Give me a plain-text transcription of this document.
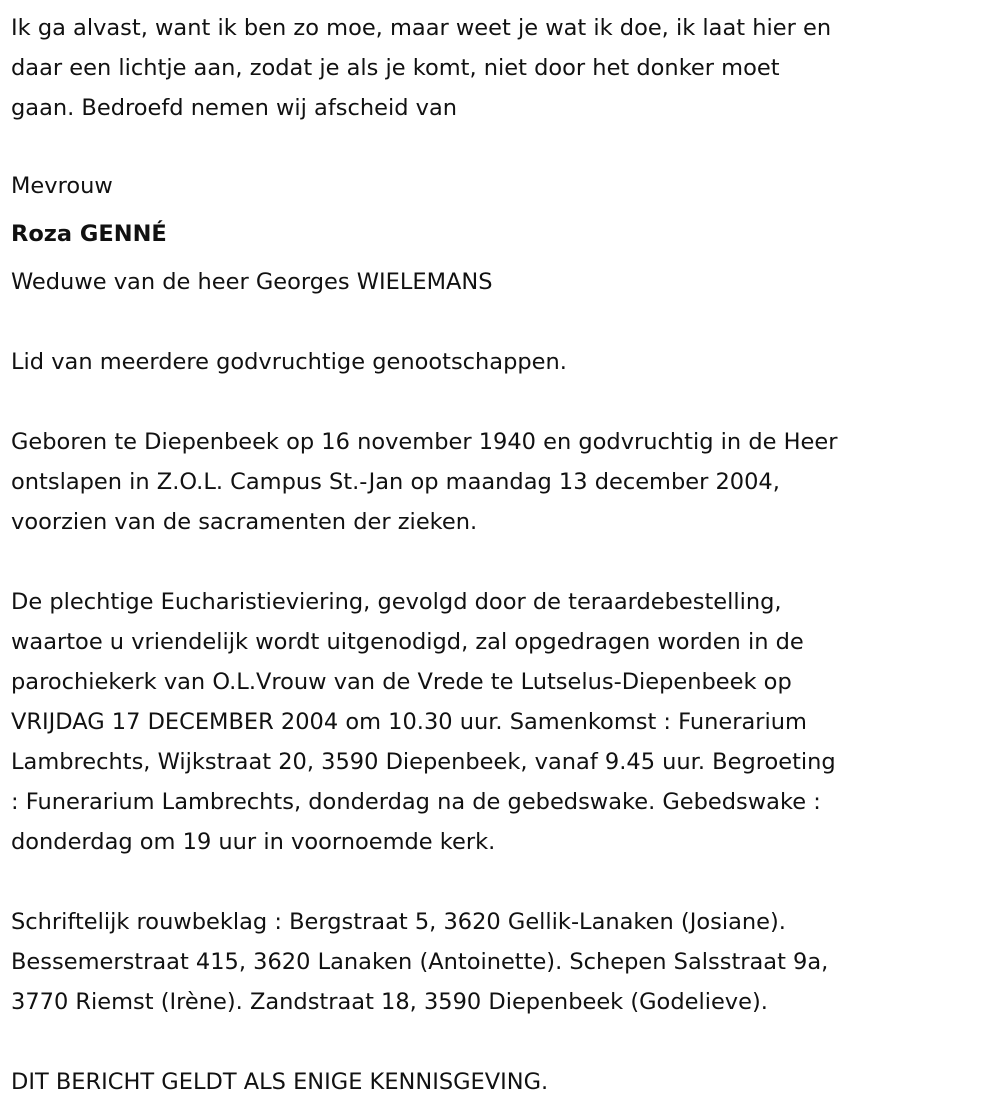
Ik ga alvast, want ik ben zo moe, maar weet je wat ik doe, ik laat hier en
daar een lichtje aan, zodat je als je komt, niet door het donker moet
gaan. Bedroefd nemen wij afscheid van
Mevrouw
Roza GENNÉ
Weduwe van de heer Georges WIELEMANS
Lid van meerdere godvruchtige genootschappen.
Geboren te Diepenbeek op 16 november 1940 en godvruchtig in de Heer
ontslapen in Z.O.L. Campus St.-Jan op maandag 13 december 2004,
voorzien van de sacramenten der zieken.
De plechtige Eucharistieviering, gevolgd door de teraardebestelling,
waartoe u vriendelijk wordt uitgenodigd, zal opgedragen worden in de
parochiekerk van O.L.Vrouw van de Vrede te Lutselus-Diepenbeek op
VRIJDAG 17 DECEMBER 2004 om 10.30 uur. Samenkomst : Funerarium
Lambrechts, Wijkstraat 20, 3590 Diepenbeek, vanaf 9.45 uur. Begroeting
: Funerarium Lambrechts, donderdag na de gebedswake. Gebedswake :
donderdag om 19 uur in voornoemde kerk.
Schriftelijk rouwbeklag : Bergstraat 5, 3620 Gellik-Lanaken (Josiane).
Bessemerstraat 415, 3620 Lanaken (Antoinette). Schepen Salsstraat 9a,
3770 Riemst (Irène). Zandstraat 18, 3590 Diepenbeek (Godelieve).
DIT BERICHT GELDT ALS ENIGE KENNISGEVING.
